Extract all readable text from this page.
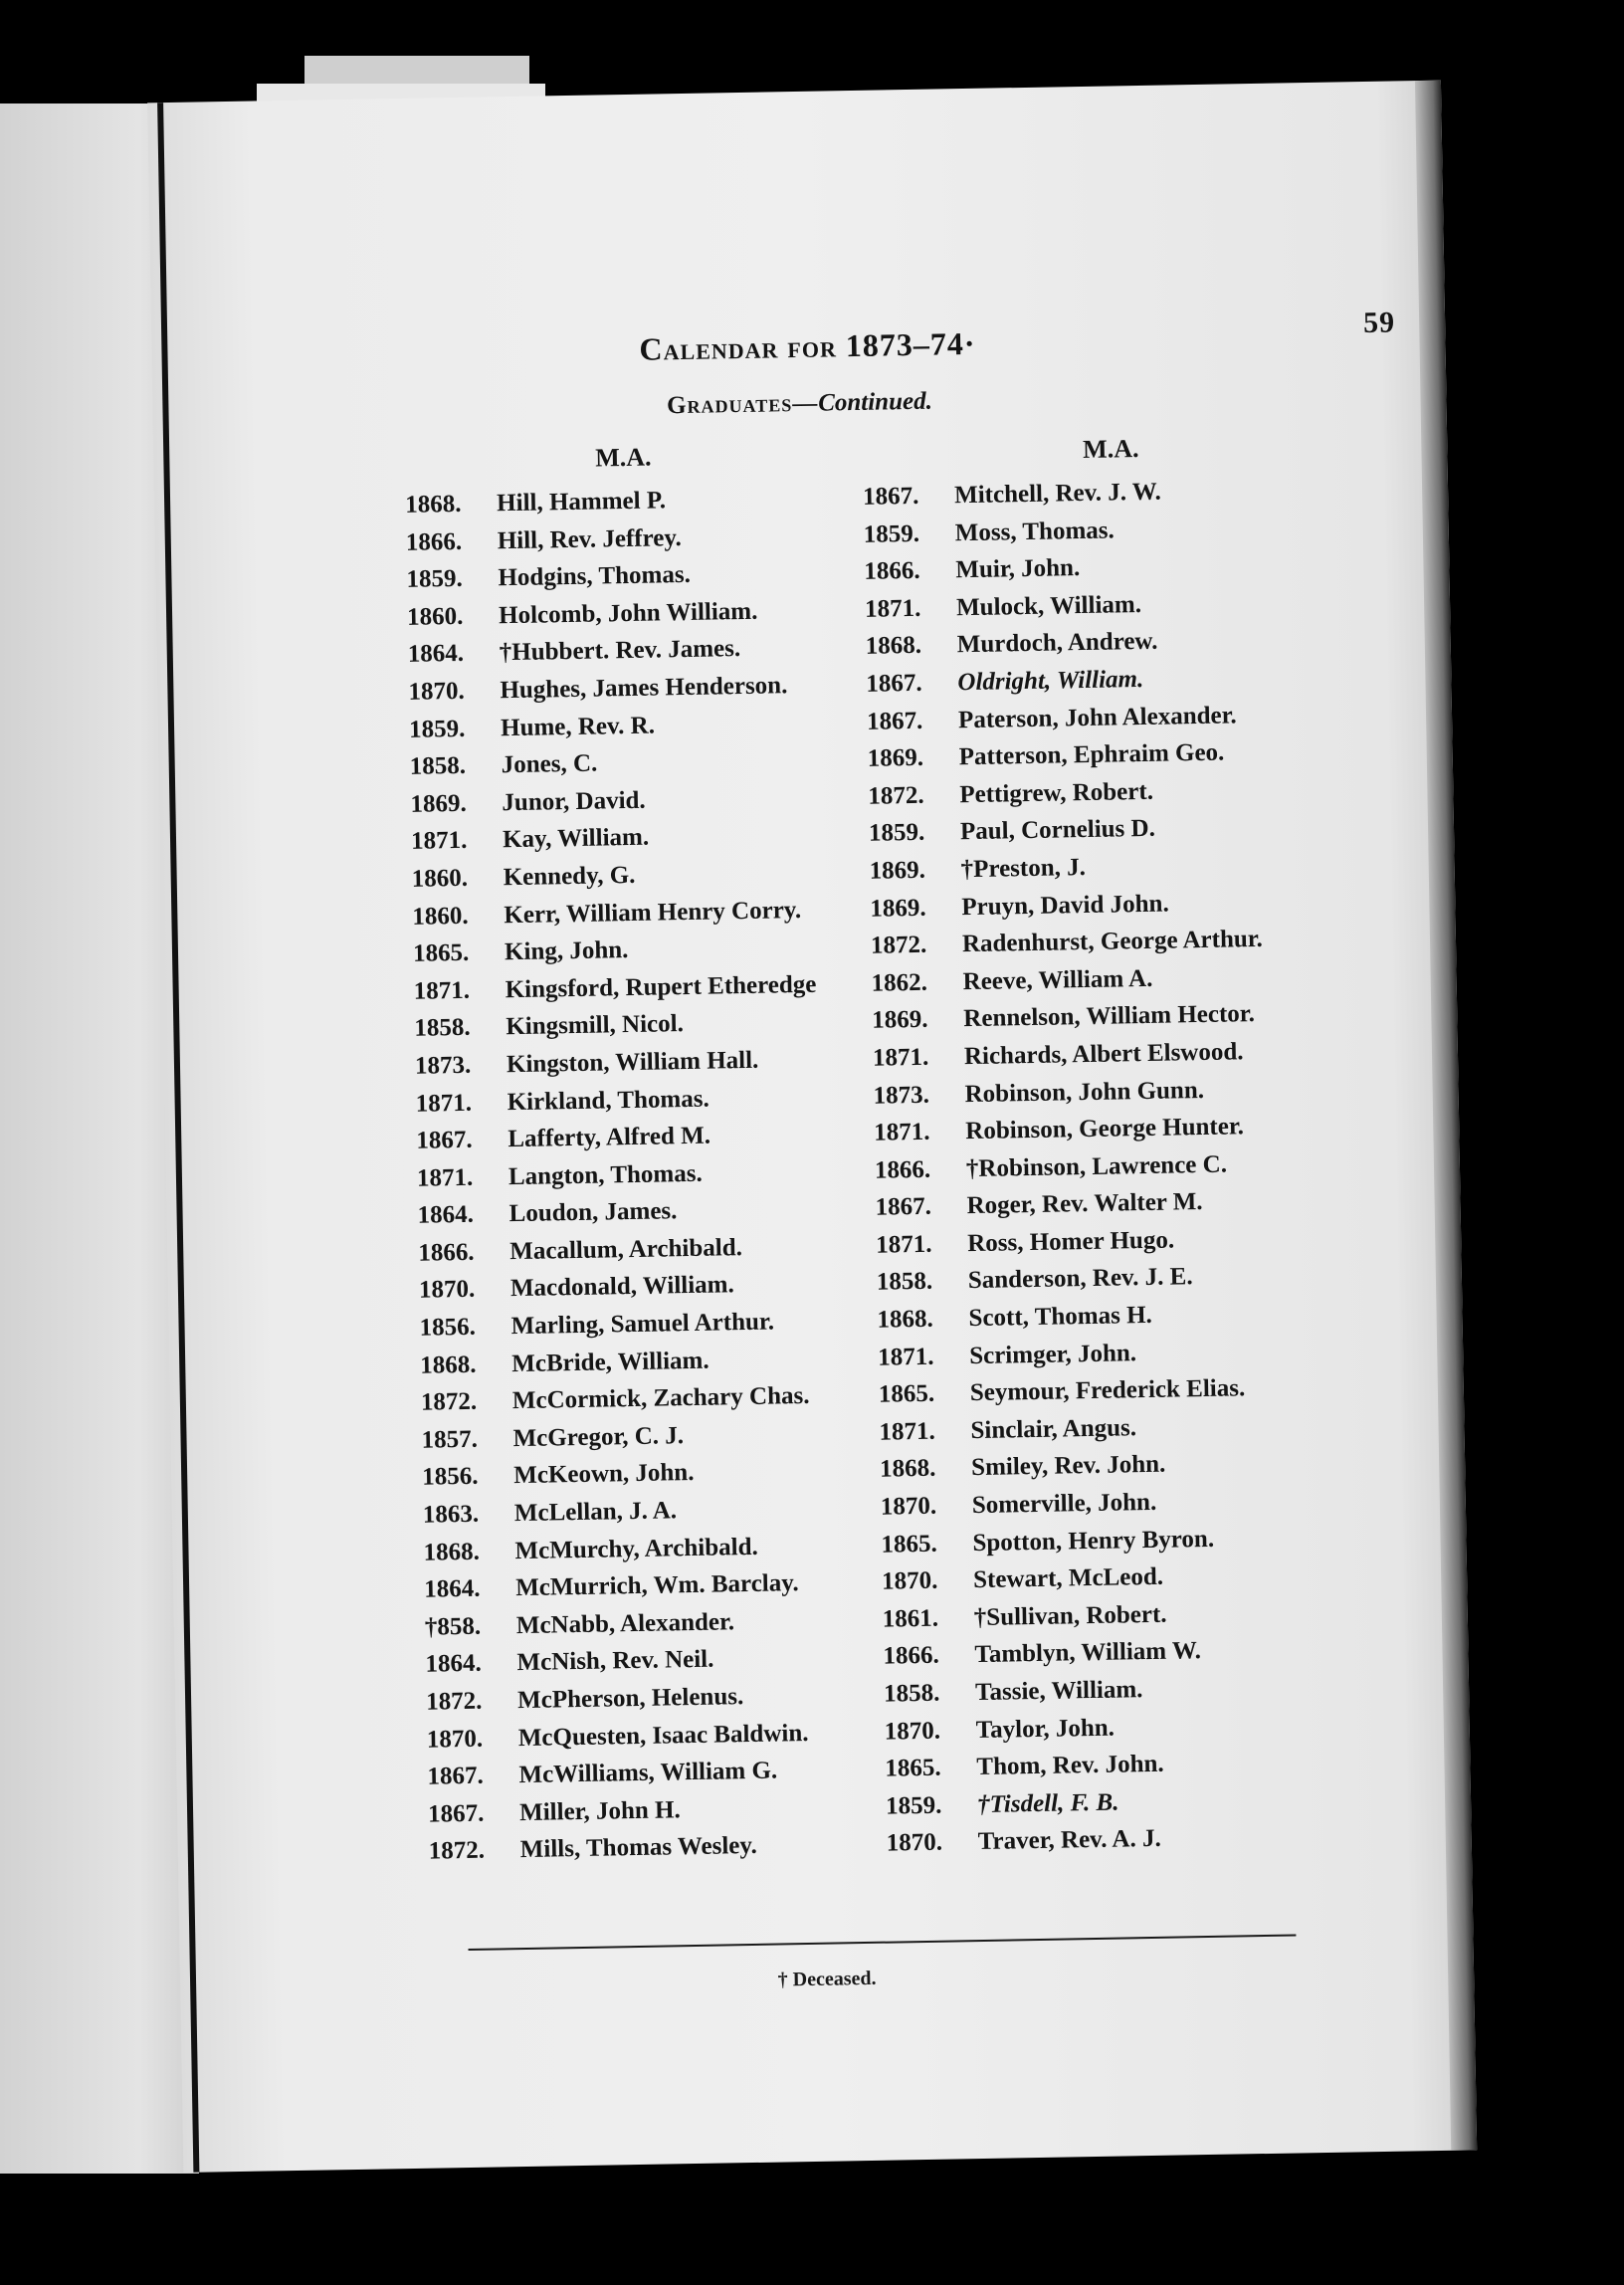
Calendar for 1873–74·
59
Graduates—Continued.
M.A.
1868. Hill, Hammel P.
1866. Hill, Rev. Jeffrey.
1859. Hodgins, Thomas.
1860. Holcomb, John William.
1864. †Hubbert. Rev. James.
1870. Hughes, James Henderson.
1859. Hume, Rev. R.
1858. Jones, C.
1869. Junor, David.
1871. Kay, William.
1860. Kennedy, G.
1860. Kerr, William Henry Corry.
1865. King, John.
1871. Kingsford, Rupert Etheredge
1858. Kingsmill, Nicol.
1873. Kingston, William Hall.
1871. Kirkland, Thomas.
1867. Lafferty, Alfred M.
1871. Langton, Thomas.
1864. Loudon, James.
1866. Macallum, Archibald.
1870. Macdonald, William.
1856. Marling, Samuel Arthur.
1868. McBride, William.
1872. McCormick, Zachary Chas.
1857. McGregor, C. J.
1856. McKeown, John.
1863. McLellan, J. A.
1868. McMurchy, Archibald.
1864. McMurrich, Wm. Barclay.
†858. McNabb, Alexander.
1864. McNish, Rev. Neil.
1872. McPherson, Helenus.
1870. McQuesten, Isaac Baldwin.
1867. McWilliams, William G.
1867. Miller, John H.
1872. Mills, Thomas Wesley.
M.A.
1867. Mitchell, Rev. J. W.
1859. Moss, Thomas.
1866. Muir, John.
1871. Mulock, William.
1868. Murdoch, Andrew.
1867. Oldright, William.
1867. Paterson, John Alexander.
1869. Patterson, Ephraim Geo.
1872. Pettigrew, Robert.
1859. Paul, Cornelius D.
1869. †Preston, J.
1869. Pruyn, David John.
1872. Radenhurst, George Arthur.
1862. Reeve, William A.
1869. Rennelson, William Hector.
1871. Richards, Albert Elswood.
1873. Robinson, John Gunn.
1871. Robinson, George Hunter.
1866. †Robinson, Lawrence C.
1867. Roger, Rev. Walter M.
1871. Ross, Homer Hugo.
1858. Sanderson, Rev. J. E.
1868. Scott, Thomas H.
1871. Scrimger, John.
1865. Seymour, Frederick Elias.
1871. Sinclair, Angus.
1868. Smiley, Rev. John.
1870. Somerville, John.
1865. Spotton, Henry Byron.
1870. Stewart, McLeod.
1861. †Sullivan, Robert.
1866. Tamblyn, William W.
1858. Tassie, William.
1870. Taylor, John.
1865. Thom, Rev. John.
1859. †Tisdell, F. B.
1870. Traver, Rev. A. J.
† Deceased.
